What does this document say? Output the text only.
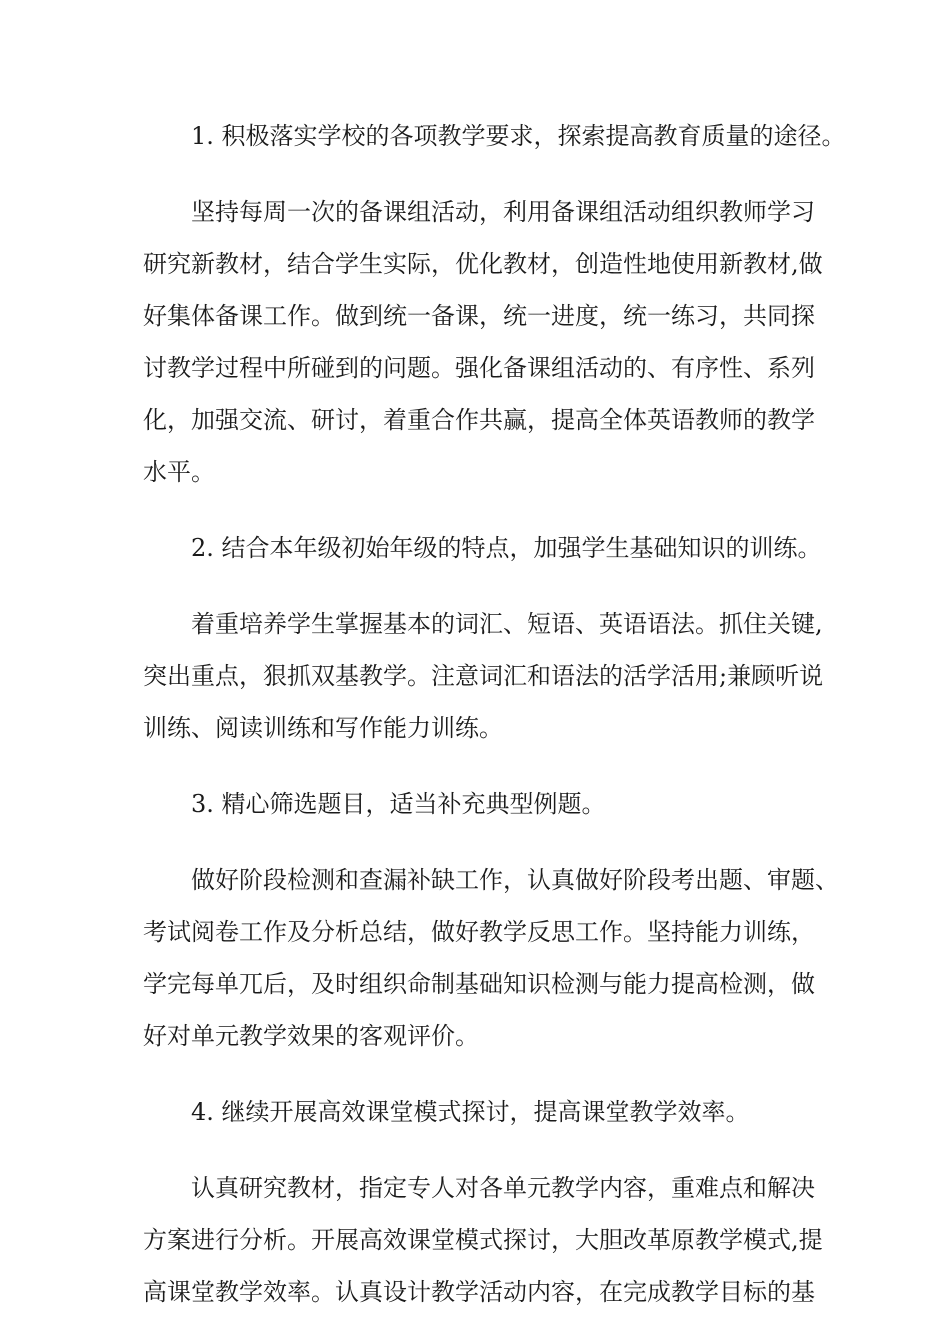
1. 积极落实学校的各项教学要求，探索提高教育质量的途径。
坚持每周一次的备课组活动，利用备课组活动组织教师学习
研究新教材，结合学生实际，优化教材，创造性地使用新教材,做
好集体备课工作。做到统一备课，统一进度，统一练习，共同探
讨教学过程中所碰到的问题。强化备课组活动的、有序性、系列
化，加强交流、研讨，着重合作共赢，提高全体英语教师的教学
水平。
2. 结合本年级初始年级的特点，加强学生基础知识的训练。
着重培养学生掌握基本的词汇、短语、英语语法。抓住关键,
突出重点，狠抓双基教学。注意词汇和语法的活学活用;兼顾听说
训练、阅读训练和写作能力训练。
3. 精心筛选题目，适当补充典型例题。
做好阶段检测和查漏补缺工作，认真做好阶段考出题、审题、
考试阅卷工作及分析总结，做好教学反思工作。坚持能力训练，
学完每单兀后，及时组织命制基础知识检测与能力提高检测，做
好对单元教学效果的客观评价。
4. 继续开展高效课堂模式探讨，提高课堂教学效率。
认真研究教材，指定专人对各单元教学内容，重难点和解决
方案进行分析。开展高效课堂模式探讨，大胆改革原教学模式,提
高课堂教学效率。认真设计教学活动内容，在完成教学目标的基
